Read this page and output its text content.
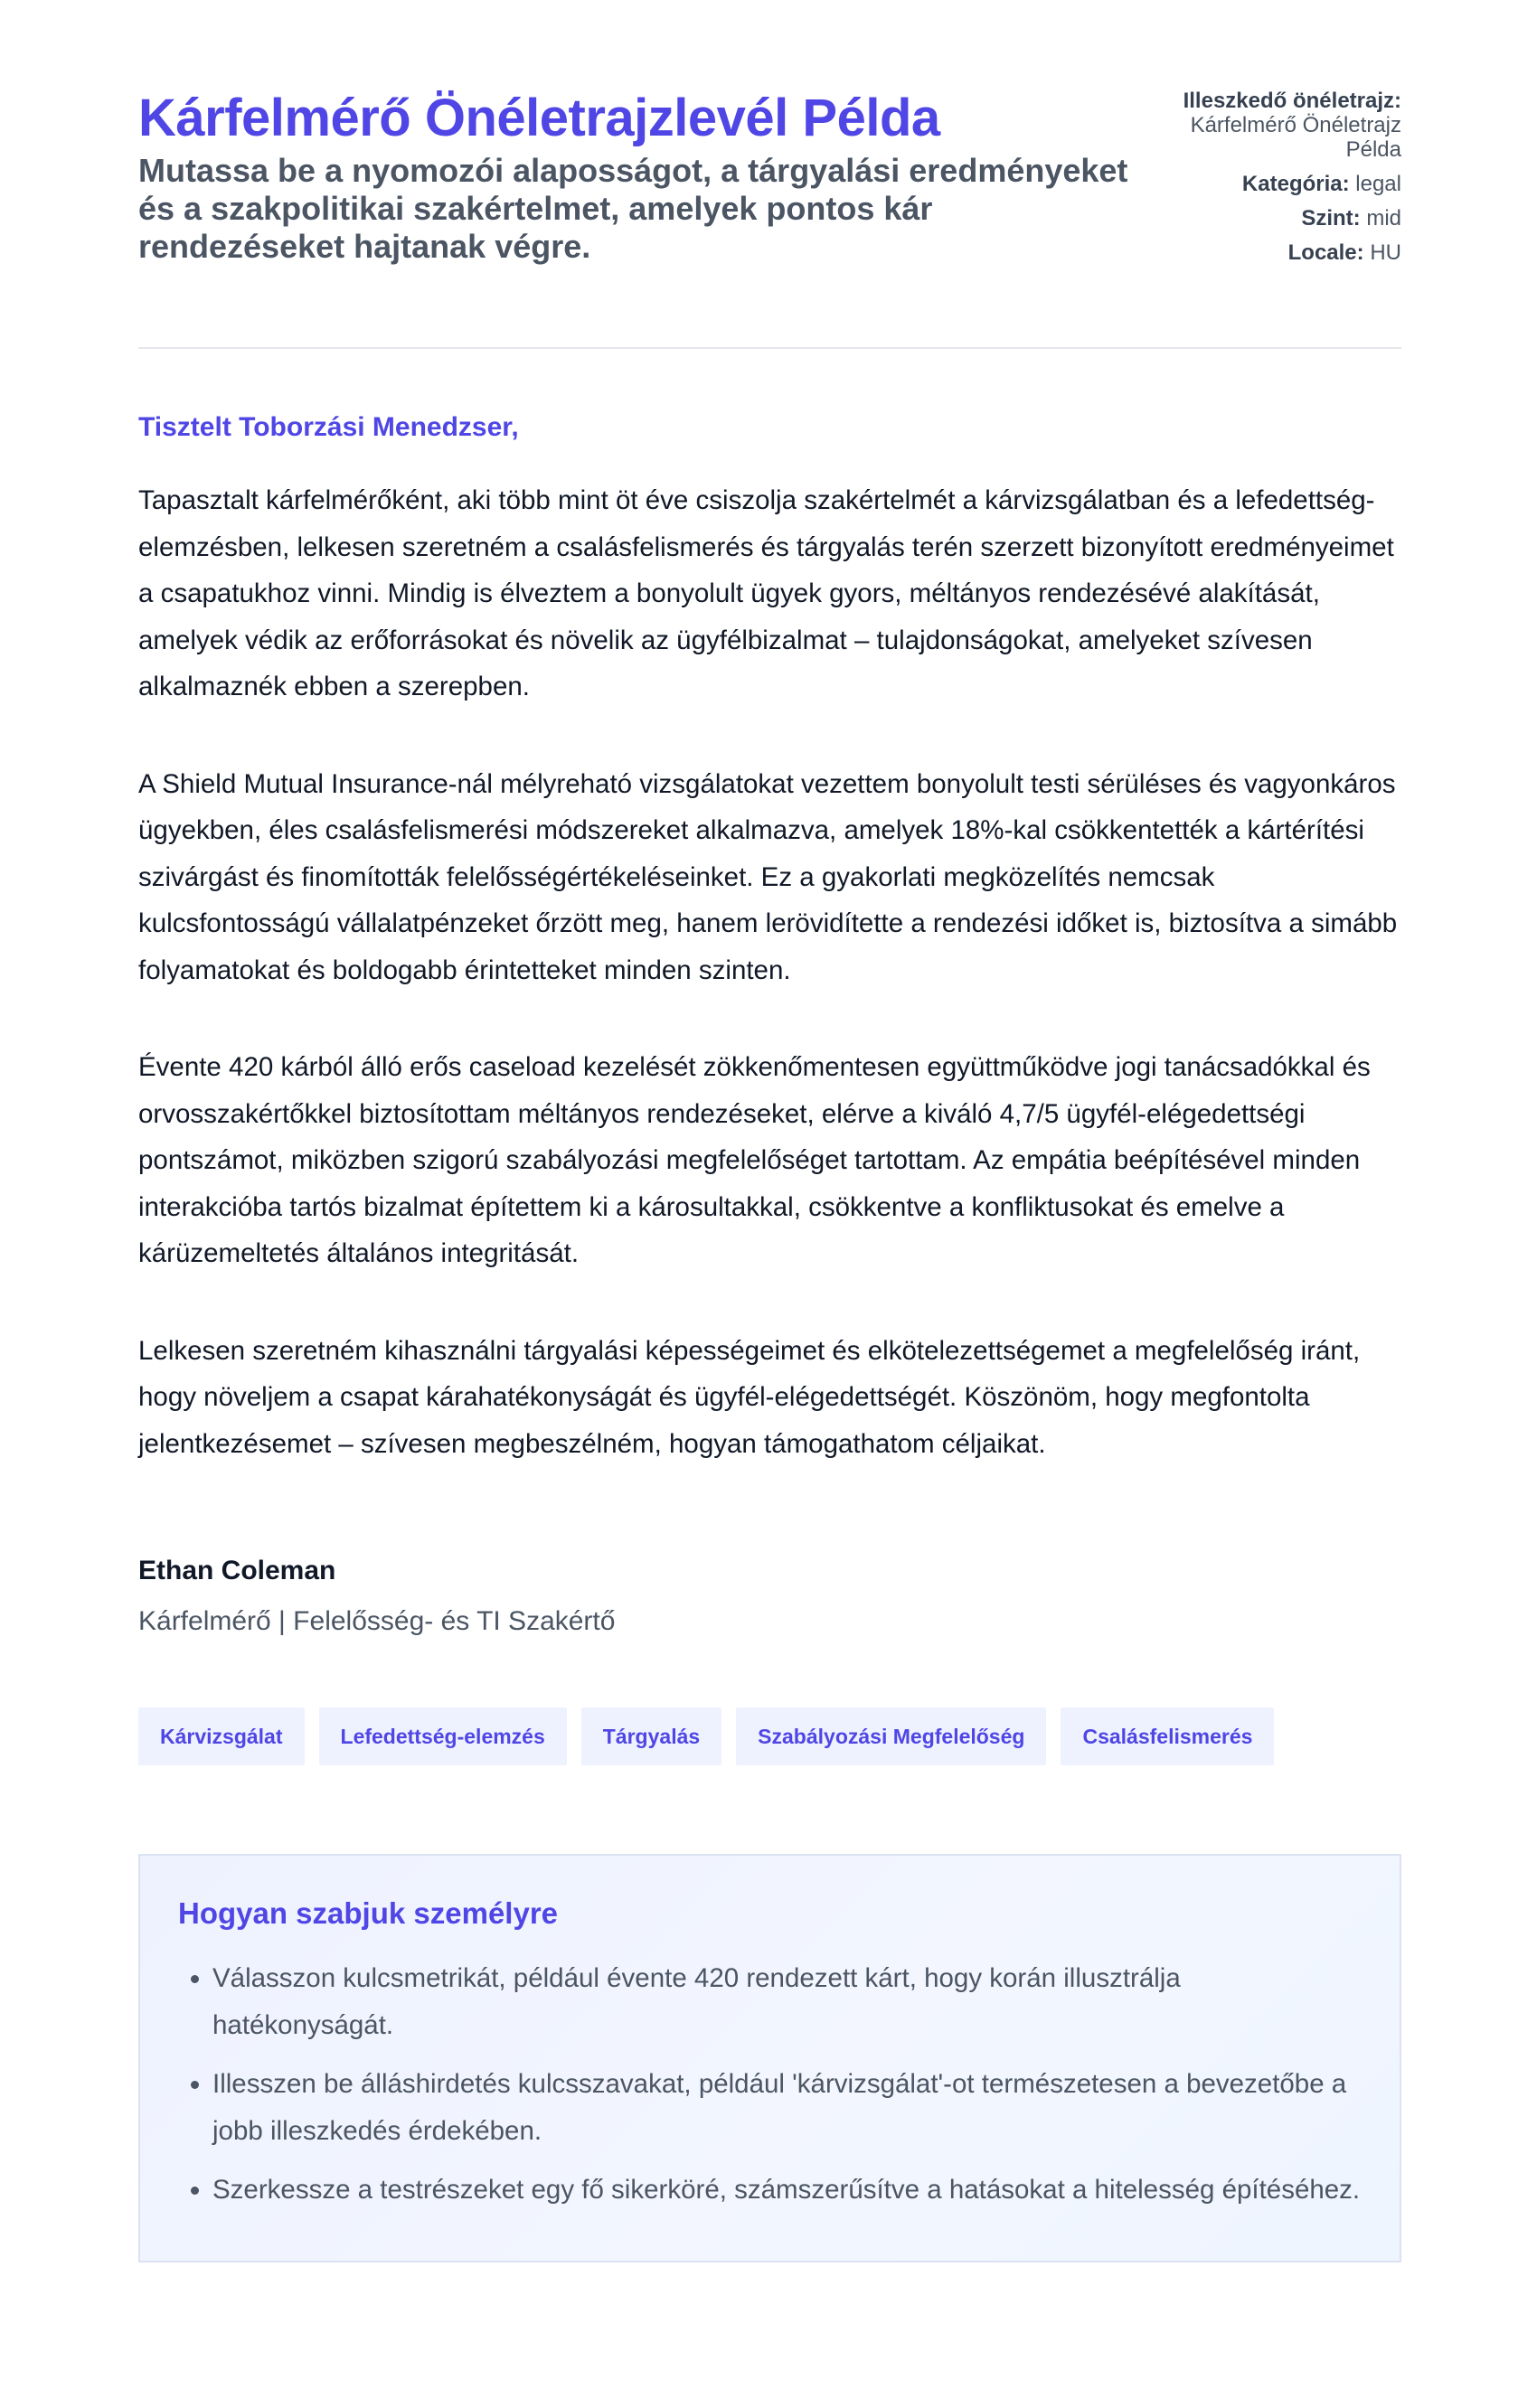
Kárfelmérő Önéletrajzlevél Példa
Mutassa be a nyomozói alaposságot, a tárgyalási eredményeket és a szakpolitikai szakértelmet, amelyek pontos kár rendezéseket hajtanak végre.
Illeszkedő önéletrajz:
Kárfelmérő Önéletrajz Példa
Kategória: legal
Szint: mid
Locale: HU

Tisztelt Toborzási Menedzser,

Tapasztalt kárfelmérőként, aki több mint öt éve csiszolja szakértelmét a kárvizsgálatban és a lefedettség-elemzésben, lelkesen szeretném a csalásfelismerés és tárgyalás terén szerzett bizonyított eredményeimet a csapatukhoz vinni. Mindig is élveztem a bonyolult ügyek gyors, méltányos rendezésévé alakítását, amelyek védik az erőforrásokat és növelik az ügyfélbizalmat – tulajdonságokat, amelyeket szívesen alkalmaznék ebben a szerepben.

A Shield Mutual Insurance-nál mélyreható vizsgálatokat vezettem bonyolult testi sérüléses és vagyonkáros ügyekben, éles csalásfelismerési módszereket alkalmazva, amelyek 18%-kal csökkentették a kártérítési szivárgást és finomították felelősségértékeléseinket. Ez a gyakorlati megközelítés nemcsak kulcsfontosságú vállalatpénzeket őrzött meg, hanem lerövidítette a rendezési időket is, biztosítva a simább folyamatokat és boldogabb érintetteket minden szinten.

Évente 420 kárból álló erős caseload kezelését zökkenőmentesen együttműködve jogi tanácsadókkal és orvosszakértőkkel biztosítottam méltányos rendezéseket, elérve a kiváló 4,7/5 ügyfél-elégedettségi pontszámot, miközben szigorú szabályozási megfelelőséget tartottam. Az empátia beépítésével minden interakcióba tartós bizalmat építettem ki a károsultakkal, csökkentve a konfliktusokat és emelve a kárüzemeltetés általános integritását.

Lelkesen szeretném kihasználni tárgyalási képességeimet és elkötelezettségemet a megfelelőség iránt, hogy növeljem a csapat kárahatékonyságát és ügyfél-elégedettségét. Köszönöm, hogy megfontolta jelentkezésemet – szívesen megbeszélném, hogyan támogathatom céljaikat.

Ethan Coleman

Kárfelmérő | Felelősség- és TI Szakértő

Kárvizsgálat	Lefedettség-elemzés	Tárgyalás	Szabályozási Megfelelőség	Csalásfelismerés
Hogyan szabjuk személyre
• Válasszon kulcsmetrikát, például évente 420 rendezett kárt, hogy korán illusztrálja hatékonyságát.
• Illesszen be álláshirdetés kulcsszavakat, például 'kárvizsgálat'-ot természetesen a bevezetőbe a jobb illeszkedés érdekében.
• Szerkessze a testrészeket egy fő sikerköré, számszerűsítve a hatásokat a hitelesség építéséhez.
